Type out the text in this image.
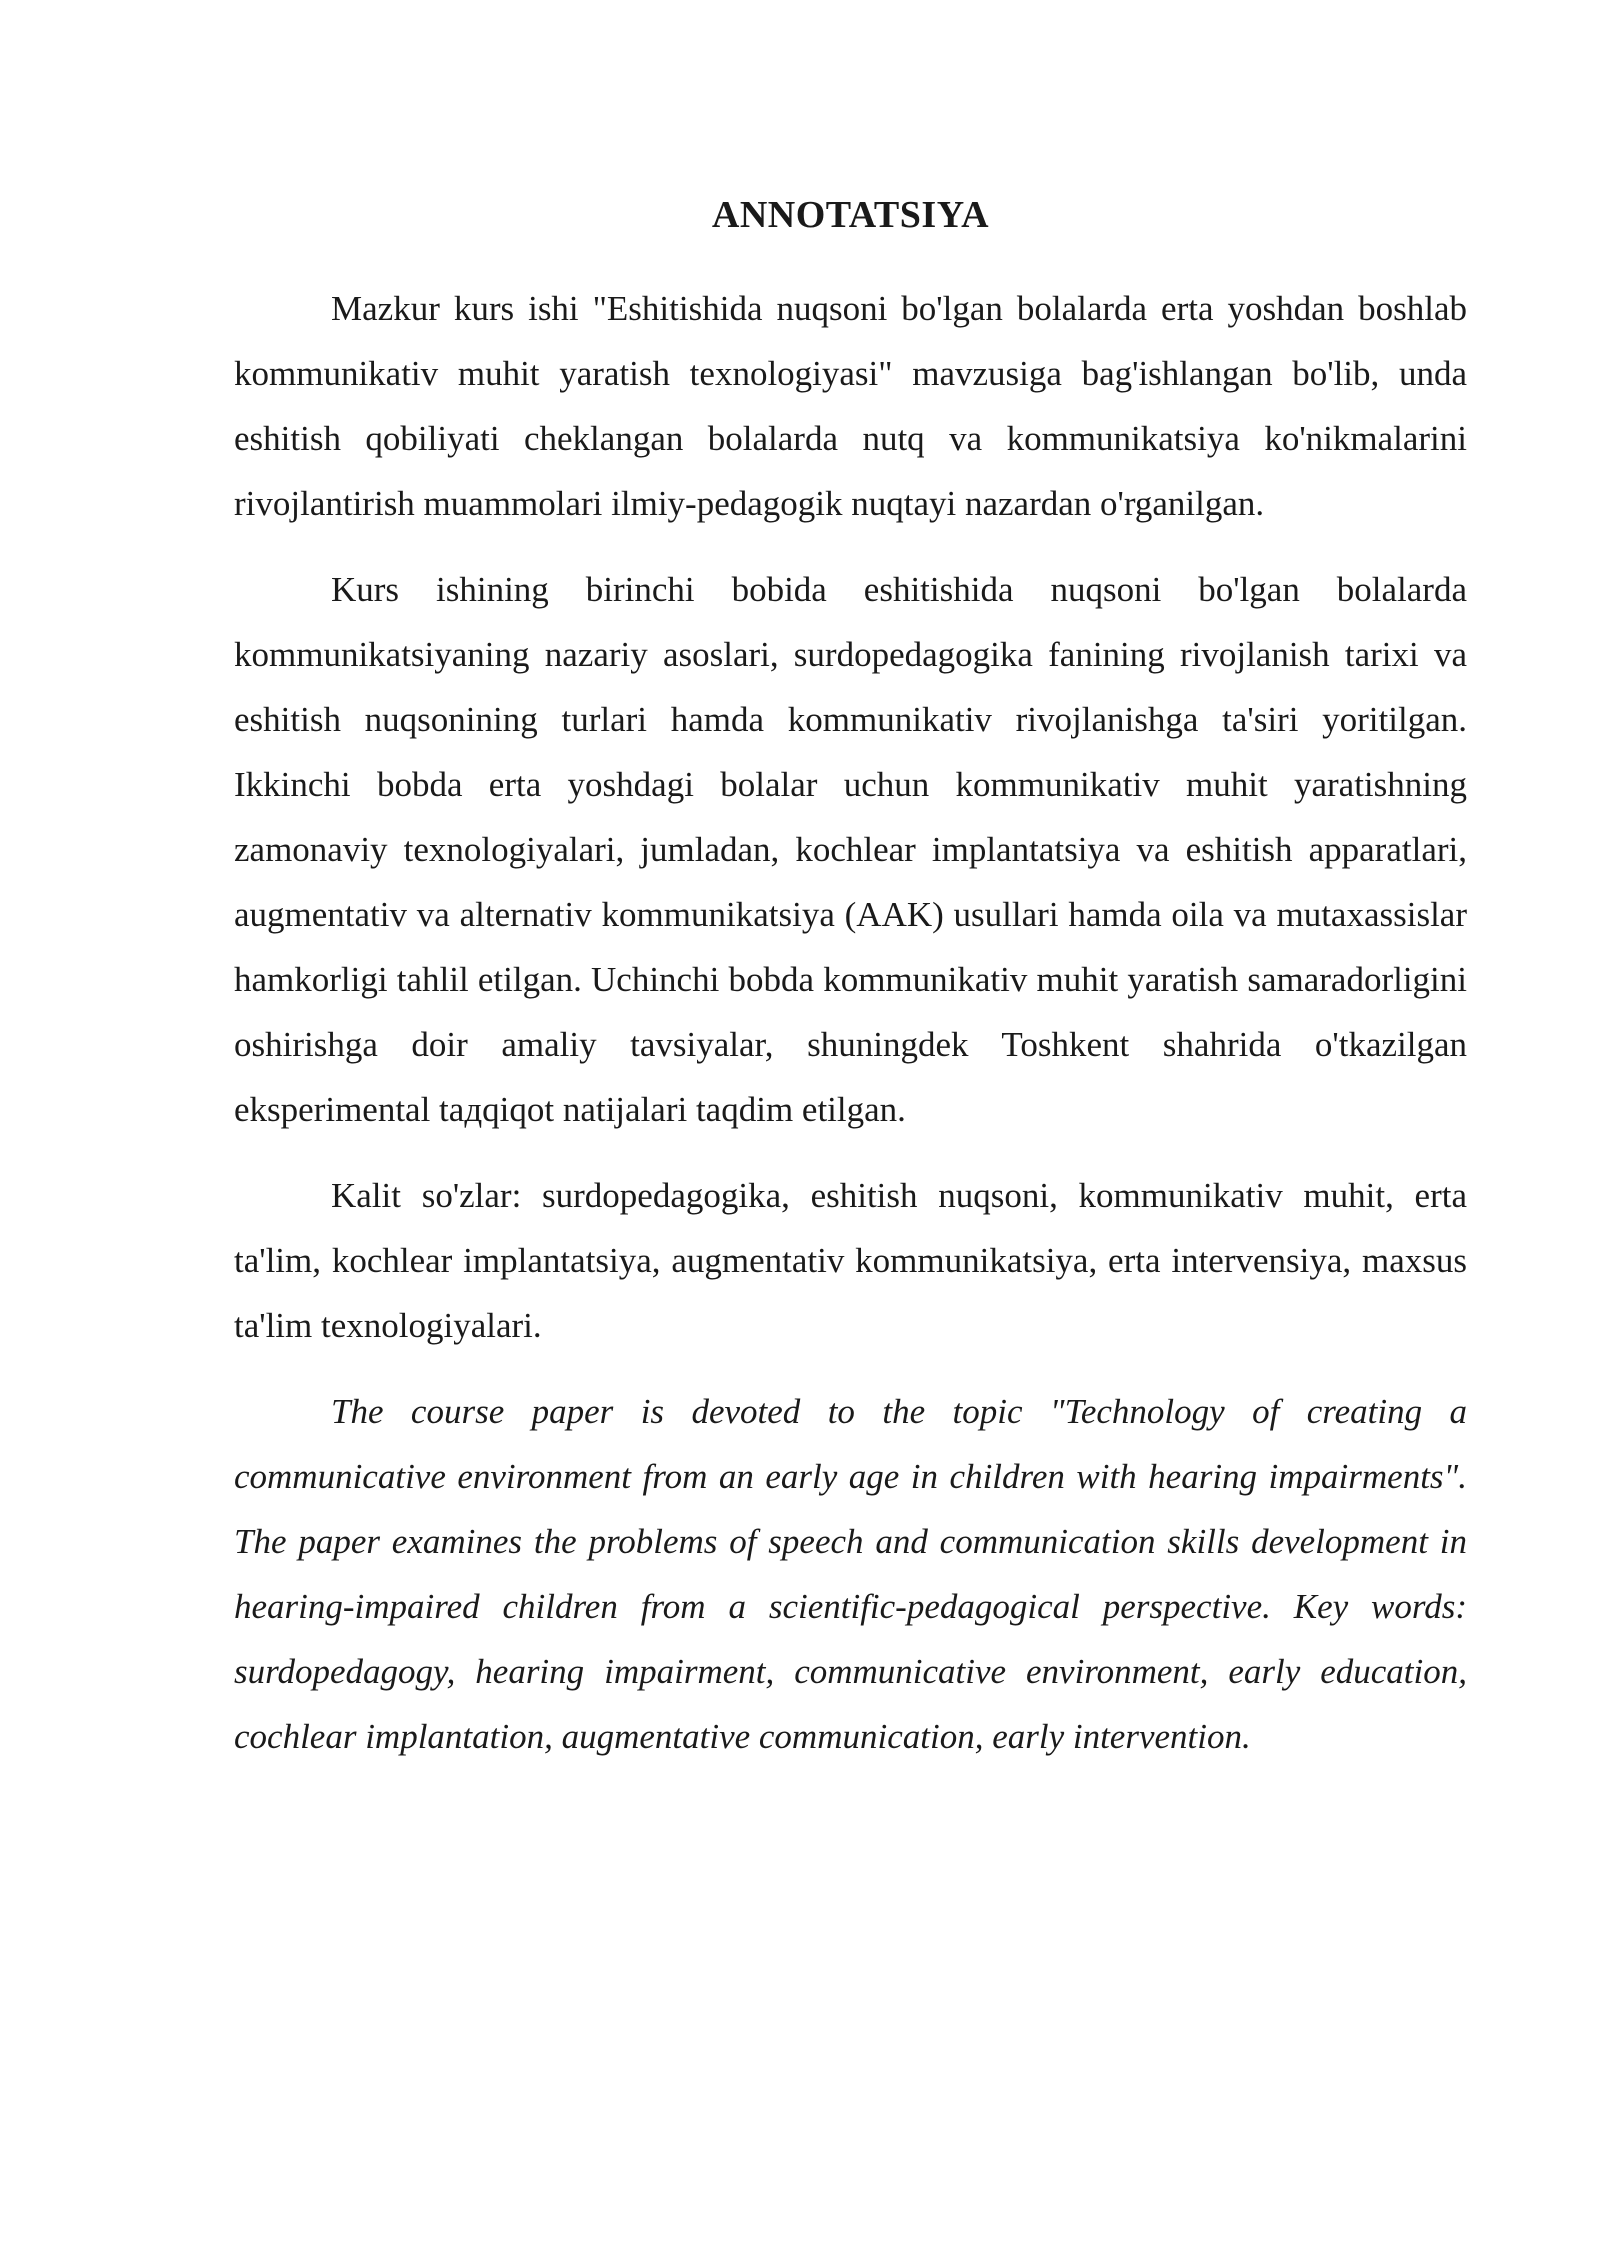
ANNOTATSIYA

Mazkur kurs ishi "Eshitishida nuqsoni bo'lgan bolalarda erta yoshdan boshlab kommunikativ muhit yaratish texnologiyasi" mavzusiga bag'ishlangan bo'lib, unda eshitish qobiliyati cheklangan bolalarda nutq va kommunikatsiya ko'nikmalarini rivojlantirish muammolari ilmiy-pedagogik nuqtayi nazardan o'rganilgan.

Kurs ishining birinchi bobida eshitishida nuqsoni bo'lgan bolalarda kommunikatsiyaning nazariy asoslari, surdopedagogika fanining rivojlanish tarixi va eshitish nuqsonining turlari hamda kommunikativ rivojlanishga ta'siri yoritilgan. Ikkinchi bobda erta yoshdagi bolalar uchun kommunikativ muhit yaratishning zamonaviy texnologiyalari, jumladan, kochlear implantatsiya va eshitish apparatlari, augmentativ va alternativ kommunikatsiya (AAK) usullari hamda oila va mutaxassislar hamkorligi tahlil etilgan. Uchinchi bobda kommunikativ muhit yaratish samaradorligini oshirishga doir amaliy tavsiyalar, shuningdek Toshkent shahrida o'tkazilgan eksperimental taдqiqot natijalari taqdim etilgan.

Kalit so'zlar: surdopedagogika, eshitish nuqsoni, kommunikativ muhit, erta ta'lim, kochlear implantatsiya, augmentativ kommunikatsiya, erta intervensiya, maxsus ta'lim texnologiyalari.

The course paper is devoted to the topic "Technology of creating a communicative environment from an early age in children with hearing impairments". The paper examines the problems of speech and communication skills development in hearing-impaired children from a scientific-pedagogical perspective. Key words: surdopedagogy, hearing impairment, communicative environment, early education, cochlear implantation, augmentative communication, early intervention.
